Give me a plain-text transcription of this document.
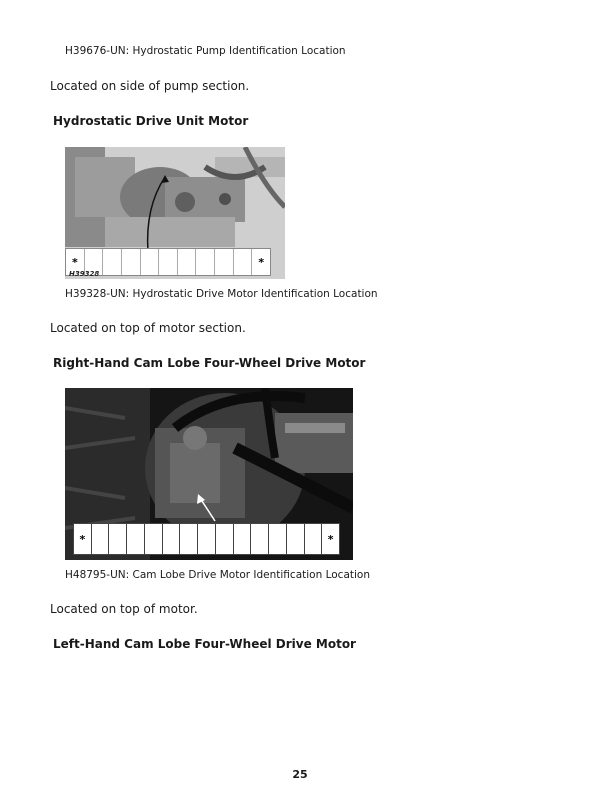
H39676-UN: Hydrostatic Pump Identification Location
Located on side of pump section.
Hydrostatic Drive Unit Motor
*	*
H39328
H39328-UN: Hydrostatic Drive Motor Identification Location
Located on top of motor section.
Right-Hand Cam Lobe Four-Wheel Drive Motor
*	*
H48795-UN: Cam Lobe Drive Motor Identification Location
Located on top of motor.
Left-Hand Cam Lobe Four-Wheel Drive Motor
25
